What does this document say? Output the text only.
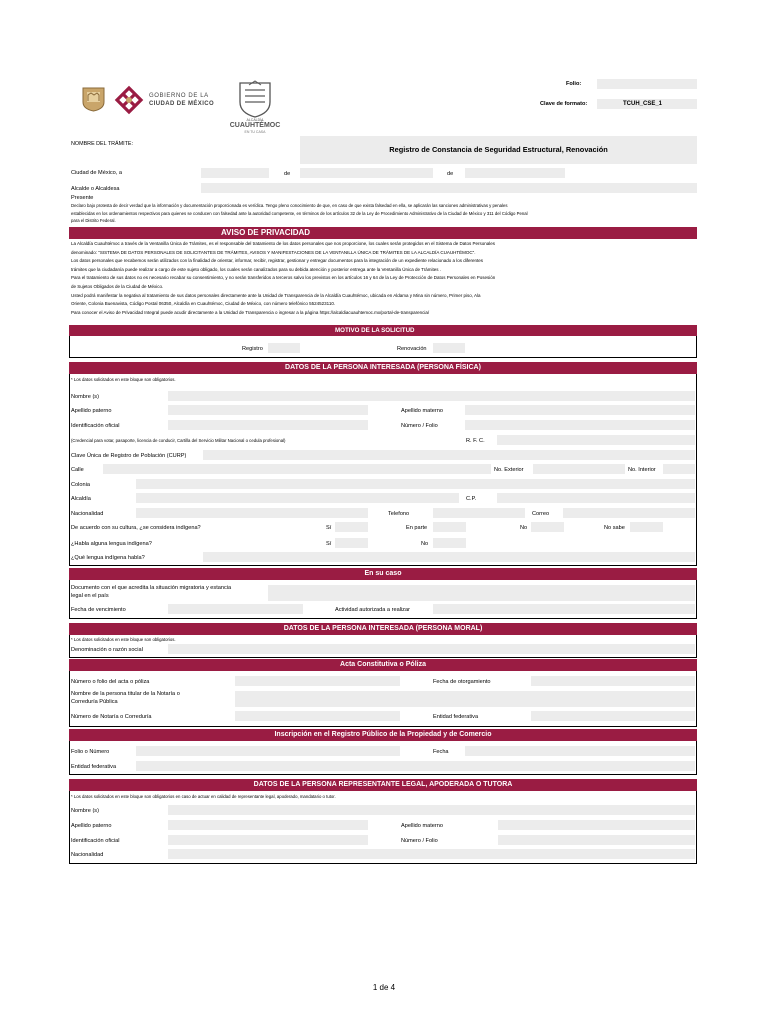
GOBIERNO DE LA
CIUDAD DE MÉXICO
ALCALDÍA
CUAUHTÉMOC
EN TU CASA
Folio:
Clave de formato:	TCUH_CSE_1
NOMBRE DEL TRÁMITE:
Registro de Constancia de Seguridad Estructural, Renovación
Ciudad de México, a	de	de
Alcalde o Alcaldesa
Presente
Declaro bajo protesta de decir verdad que la información y documentación proporcionada es verídica. Tengo pleno conocimiento de que, en caso de que exista falsedad en ella, se aplicarán las sanciones administrativas y penales
establecidas en los ordenamientos respectivos para quienes se conducen con falsedad ante la autoridad competente, en términos de los artículos 32 de la Ley de Procedimiento Administrativo de la Ciudad de México y 311 del Código Penal
para el Distrito Federal.
AVISO DE PRIVACIDAD
La Alcaldía Cuauhtémoc a través de la Ventanilla Única de Trámites, es el responsable del tratamiento de los datos personales que nos proporcione, los cuales serán protegidos en el Sistema de Datos Personales
denominado: "SISTEMA DE DATOS PERSONALES DE SOLICITANTES DE TRÁMITES, AVISOS Y MANIFESTACIONES DE LA VENTANILLA ÚNICA DE TRÁMITES DE LA ALCALDÍA CUAUHTÉMOC".
Los datos personales que recabemos serán utilizados con la finalidad de orientar, informar, recibir, registrar, gestionar y entregar documentos para la integración de un expediente relacionado a los diferentes
trámites que la ciudadanía puede realizar a cargo de este sujeto obligado, los cuales serán canalizados para su debida atención y posterior entrega ante la Ventanilla Única de Trámites .
Para el tratamiento de sus datos no es necesario recabar su consentimiento, y no serán transferidos a terceros salvo los previstos en los artículos 16 y 64 de la Ley de Protección de Datos Personales en Posesión
de Sujetos Obligados de la Ciudad de México.
Usted podrá manifestar la negativa al tratamiento de sus datos personales directamente ante la Unidad de Transparencia de la Alcaldía Cuauhtémoc, ubicada en Aldama y Mina sin número, Primer piso, Ala
Oriente, Colonia Buenavista, Código Postal 06350, Alcaldía en Cuauhtémoc, Ciudad de México, con número telefónico 5524523110.
Para conocer el Aviso de Privacidad Integral puede acudir directamente a la Unidad de Transparencia o ingresar a la página https://alcaldiacuauhtemoc.mx/portal-de-transparencia/
MOTIVO DE LA SOLICITUD
Registro	Renovación
DATOS DE LA PERSONA INTERESADA (PERSONA FÍSICA)
* Los datos solicitados en este bloque son obligatorios.
Nombre (s)
Apellido paterno	Apellido materno
Identificación oficial	Número / Folio
(Credencial para votar, pasaporte, licencia de conducir, Cartilla del Servicio Militar Nacional o cedula profesional)	R. F. C.
Clave Única de Registro de Población (CURP)
Calle	No. Exterior	No. Interior
Colonia
Alcaldía	C.P.
Nacionalidad	Telefono	Correo
De acuerdo con su cultura, ¿se considera indígena?	Sí	En parte	No	No sabe
¿Habla alguna lengua indígena?	Sí	No
¿Qué lengua indígena habla?
En su caso
Documento con el que acredita la situación migratoria y estancia
legal en el país
Fecha de vencimiento	Actividad autorizada a realizar
DATOS DE LA PERSONA INTERESADA (PERSONA MORAL)
* Los datos solicitados en este bloque son obligatorios.
Denominación o razón social
Acta Constitutiva o Póliza
Número o folio del acta o póliza	Fecha de otorgamiento
Nombre de la persona titular de la Notaría o
Correduría Pública
Número de Notaría o Correduría	Entidad federativa
Inscripción en el Registro Público de la Propiedad y de Comercio
Folio o Número	Fecha
Entidad federativa
DATOS DE LA PERSONA REPRESENTANTE LEGAL, APODERADA O TUTORA
* Los datos solicitados en este bloque son obligatorios en caso de actuar en calidad de representante legal, apoderado, mandatario o tutor.
Nombre (s)
Apellido paterno	Apellido materno
Identificación oficial	Número / Folio
Nacionalidad
1 de 4
